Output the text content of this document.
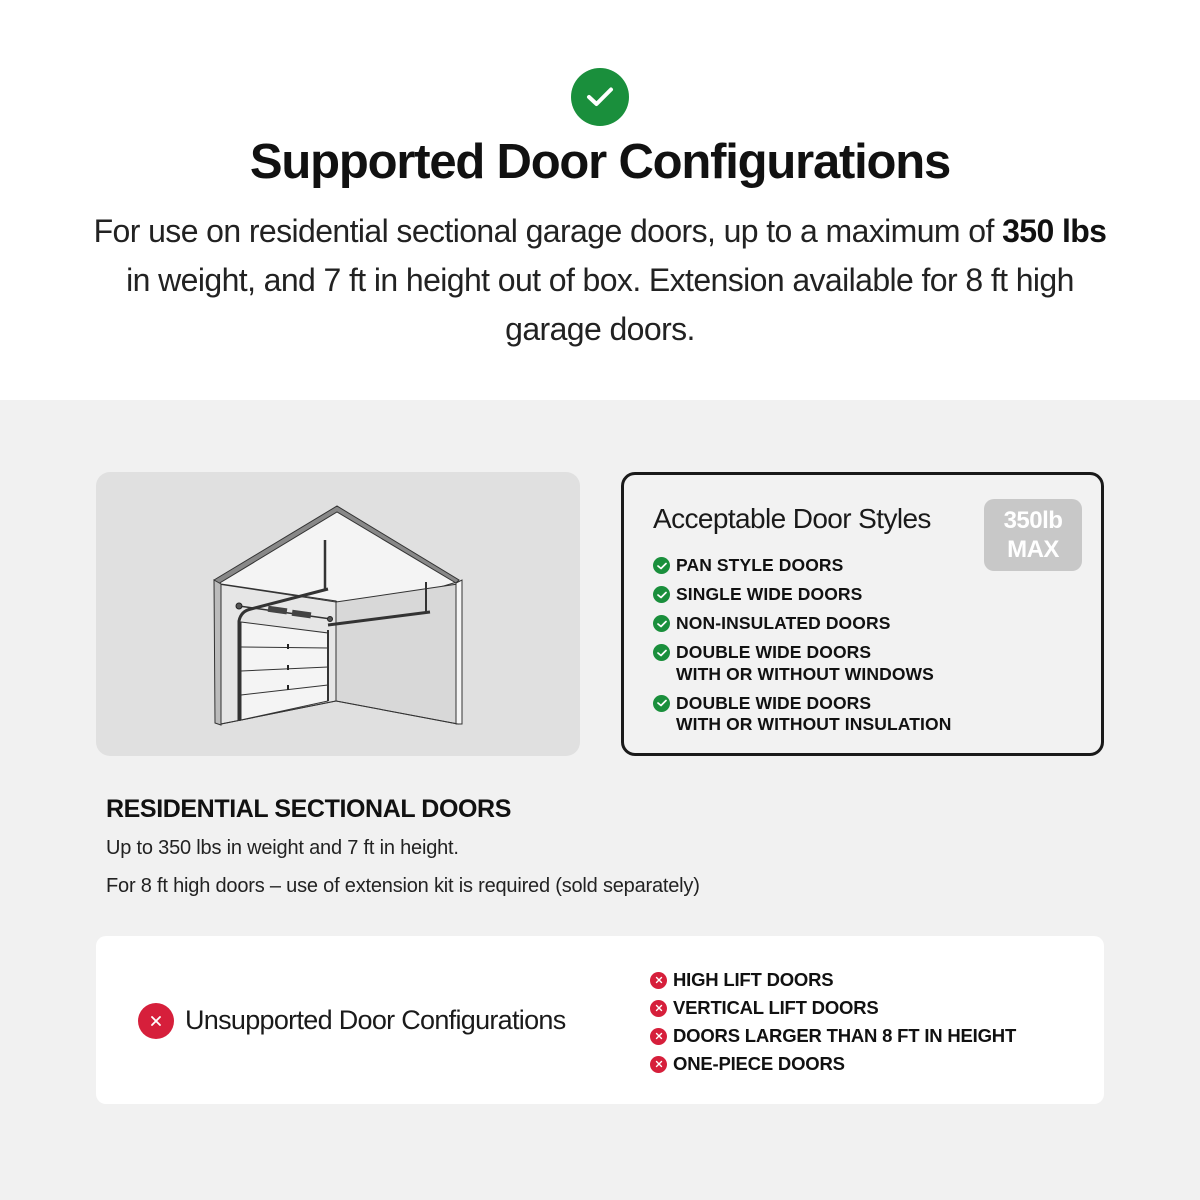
Supported Door Configurations
For use on residential sectional garage doors, up to a maximum of 350 lbs in weight, and 7 ft in height out of box. Extension available for 8 ft high garage doors.
Acceptable Door Styles	350lb
MAX
PAN STYLE DOORS
SINGLE WIDE DOORS
NON-INSULATED DOORS
DOUBLE WIDE DOORS
WITH OR WITHOUT WINDOWS
DOUBLE WIDE DOORS
WITH OR WITHOUT INSULATION
RESIDENTIAL SECTIONAL DOORS
Up to 350 lbs in weight and 7 ft in height.
For 8 ft high doors – use of extension kit is required (sold separately)
Unsupported Door Configurations
HIGH LIFT DOORS
VERTICAL LIFT DOORS
DOORS LARGER THAN 8 FT IN HEIGHT
ONE-PIECE DOORS
